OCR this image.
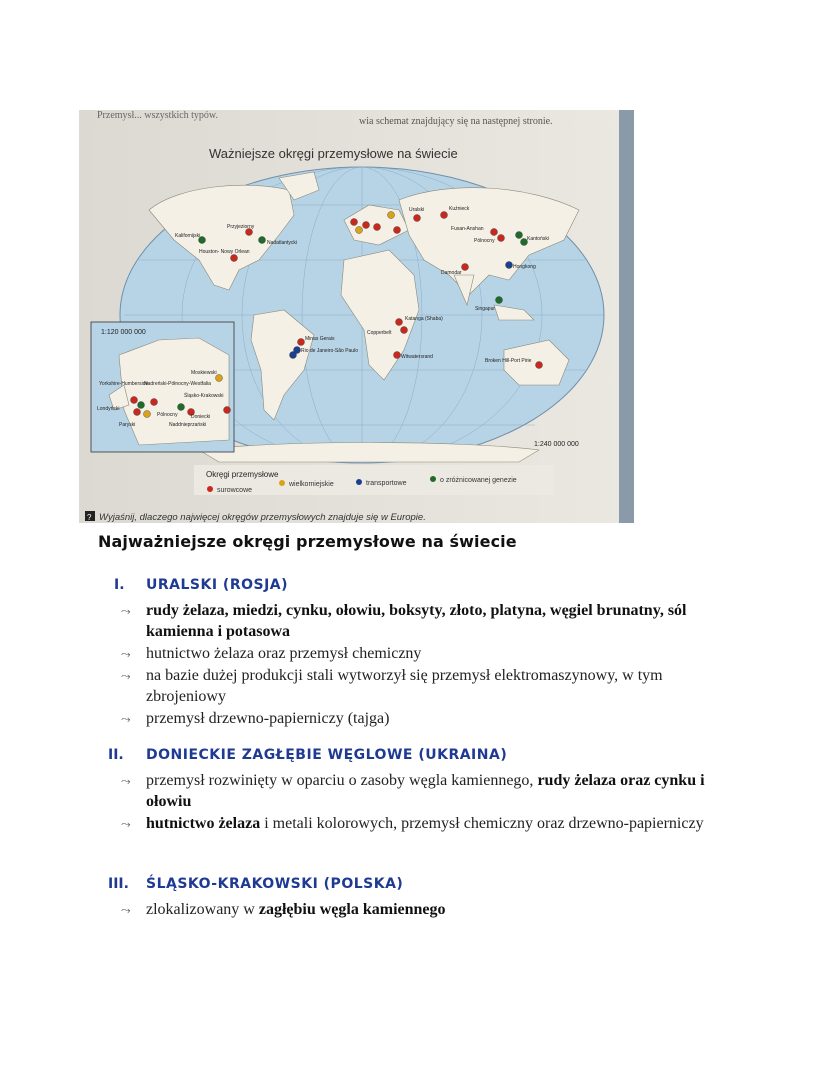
Przemysł... wszystkich typów.
wia schemat znajdujący się na następnej stronie.
Ważniejsze okręgi przemysłowe na świecie
1:120 000 000
1:240 000 000
Okręgi przemysłowe
surowcowe
wielkomiejskie	transportowe	o zróżnicowanej genezie
? Wyjaśnij, dlaczego najwięcej okręgów przemysłowych znajduje się w Europie.
Kalifornijski
Przyjeziorny
Houston- Nowy Orlean
Nadatlantycki
Uralski	Kuźnieck
Fusan-Anshan
Pólnocny	Kantoński
Hongkong
Damodar
Singapur
Katanga (Shaba)
Copperbelt
Witwatersrand
Minas Gerais
Rio de Janeiro-São Paulo
Broken Hill-Port Pirie
Yorkshire-Humberside
Nadreński-Północny-Westfalia
Londyński
Paryski
Pólnocny
Moskiewski
Śląsko-Krakowski
Doniecki
Naddnieprzański
Najważniejsze okręgi przemysłowe na świecie
I. URALSKI (ROSJA)
⤳ rudy żelaza, miedzi, cynku, ołowiu, boksyty, złoto, platyna, węgiel brunatny, sól kamienna i potasowa
⤳ hutnictwo żelaza oraz przemysł chemiczny
⤳ na bazie dużej produkcji stali wytworzył się przemysł elektromaszynowy, w tym zbrojeniowy
⤳ przemysł drzewno-papierniczy (tajga)
II. DONIECKIE ZAGŁĘBIE WĘGLOWE (UKRAINA)
⤳ przemysł rozwinięty w oparciu o zasoby węgla kamiennego, rudy żelaza oraz cynku i ołowiu
⤳ hutnictwo żelaza i metali kolorowych, przemysł chemiczny oraz drzewno-papierniczy
III. ŚLĄSKO-KRAKOWSKI (POLSKA)
⤳ zlokalizowany w zagłębiu węgla kamiennego
